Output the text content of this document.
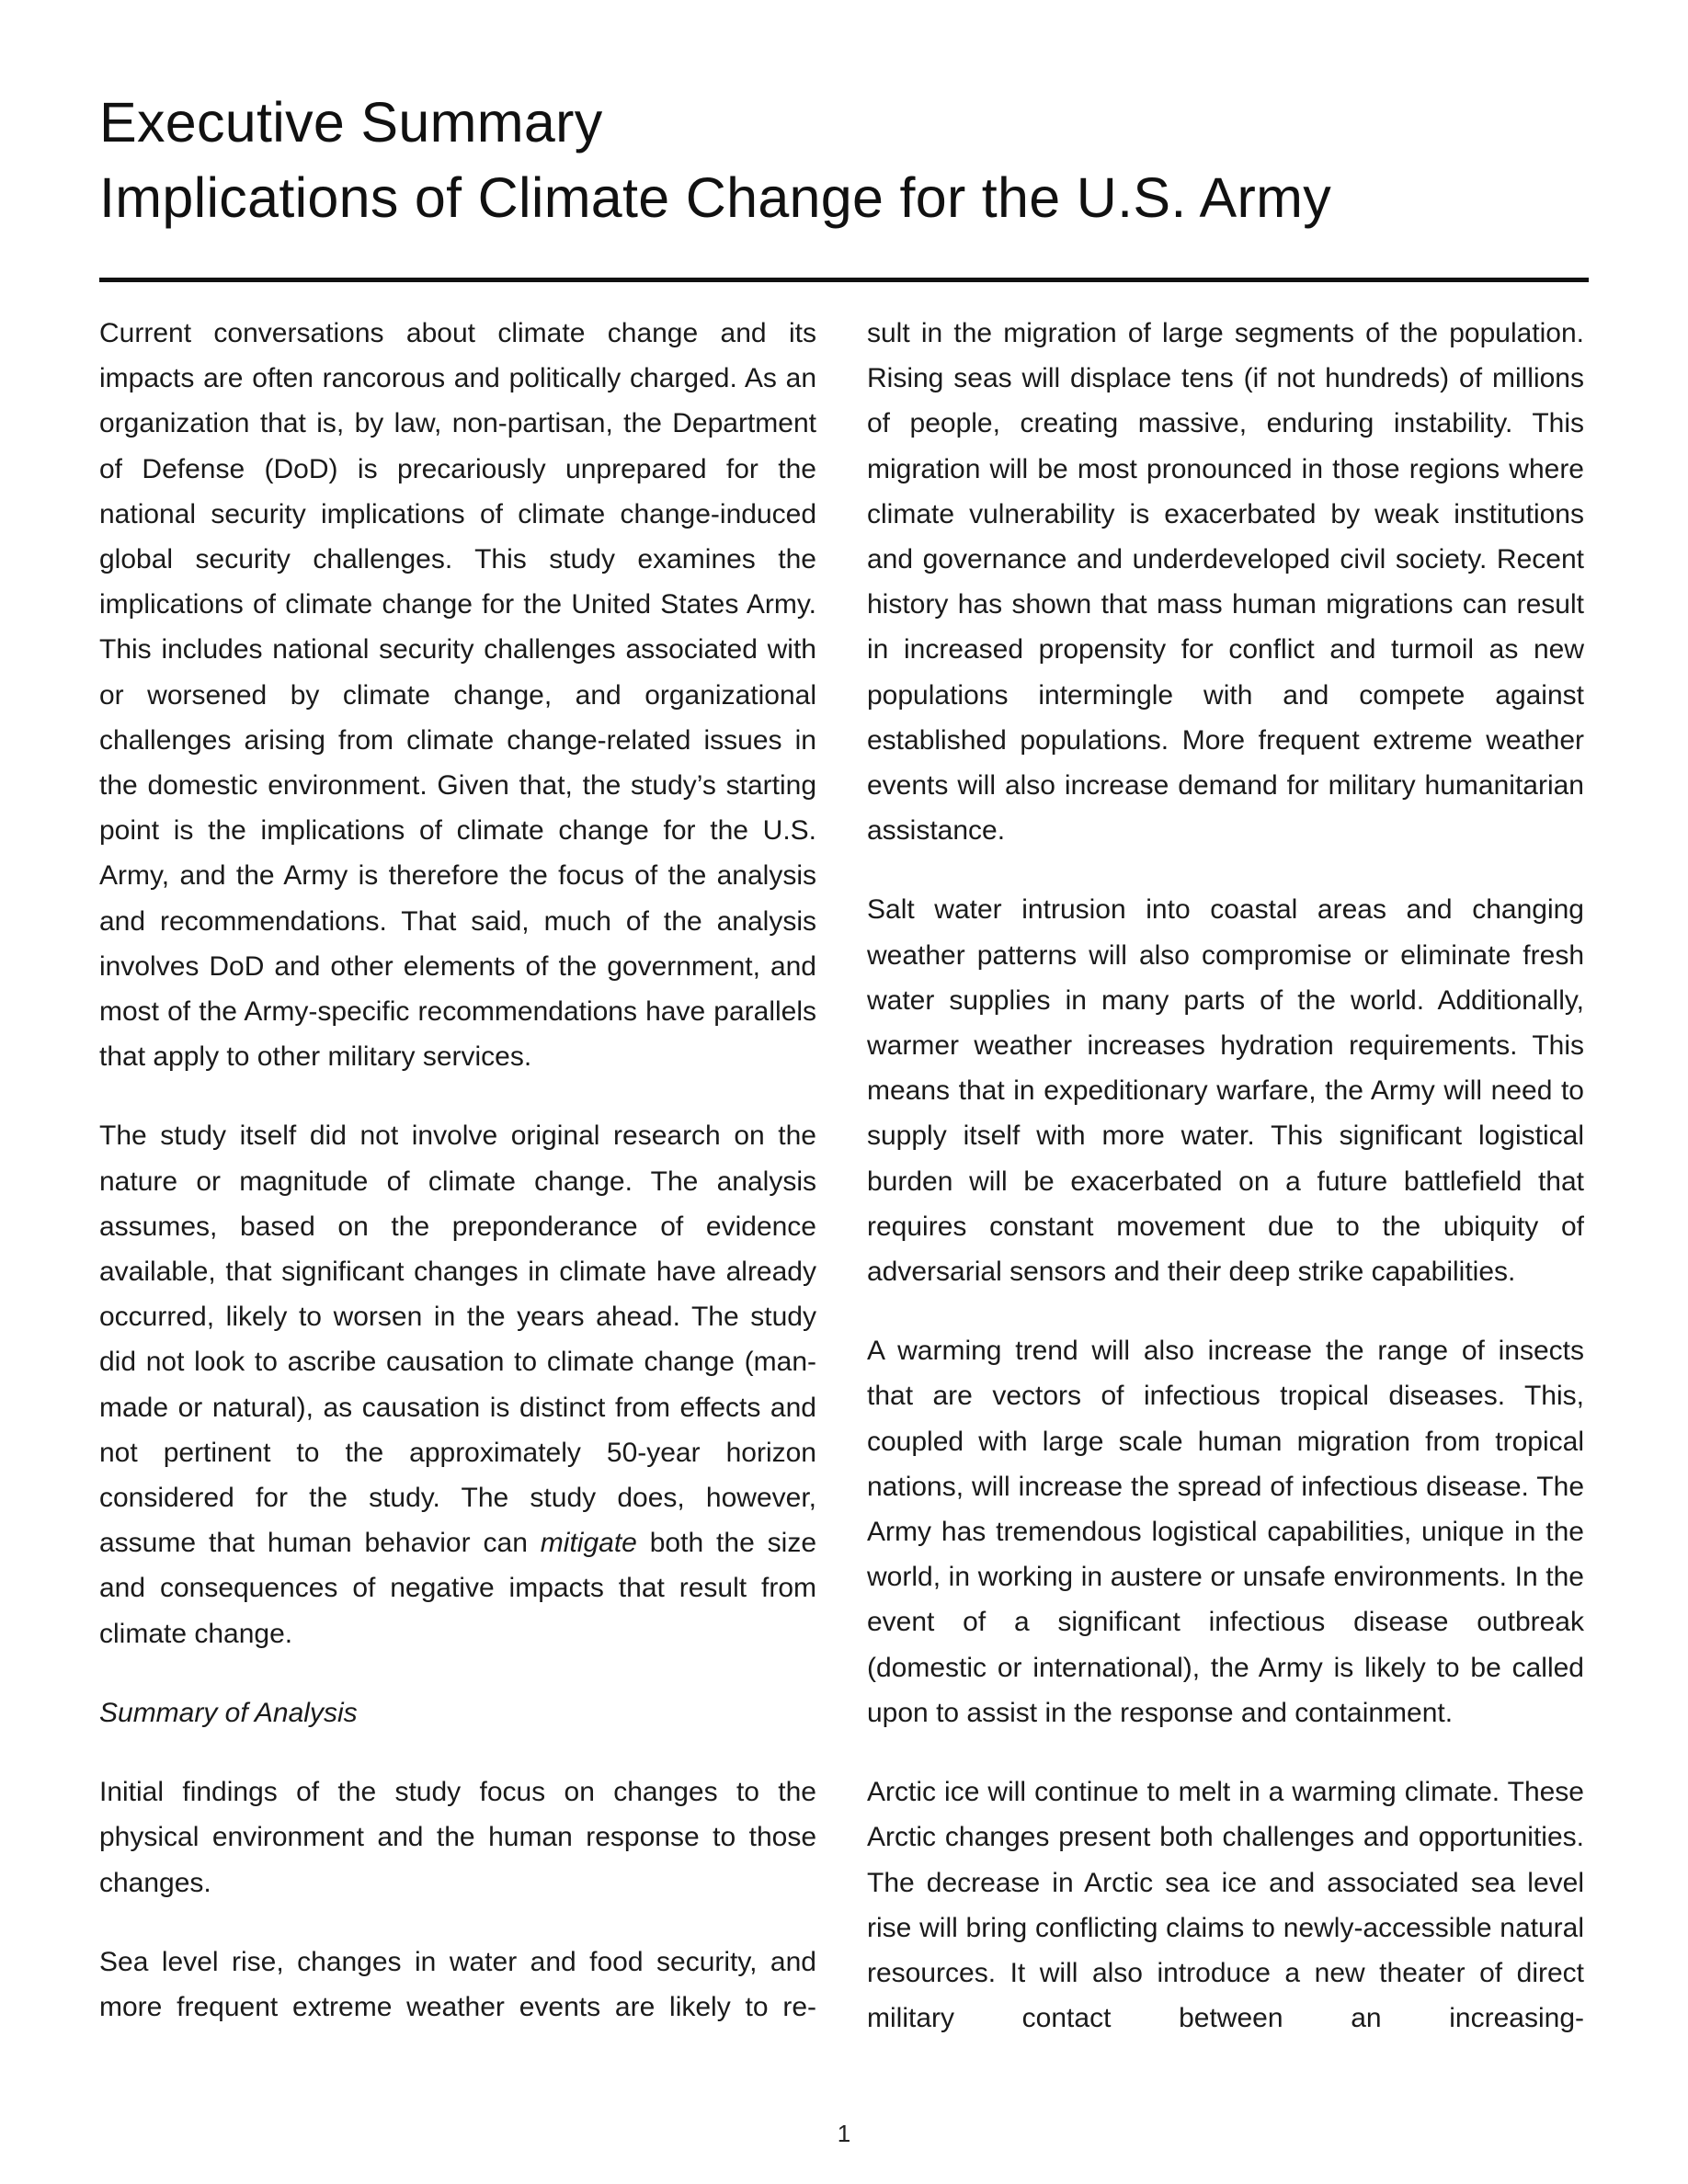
Executive Summary
Implications of Climate Change for the U.S. Army

Current conversations about climate change and its impacts are often rancorous and politically charged. As an organization that is, by law, non-partisan, the Department of Defense (DoD) is precariously unprepared for the national security implications of climate change-induced global security challenges. This study examines the implications of climate change for the United States Army. This includes national security challenges associated with or worsened by climate change, and organizational challenges arising from climate change-related issues in the domestic environment. Given that, the study’s starting point is the implications of climate change for the U.S. Army, and the Army is therefore the focus of the analysis and recommendations. That said, much of the analysis involves DoD and other elements of the government, and most of the Army-specific recommendations have parallels that apply to other military services.

The study itself did not involve original research on the nature or magnitude of climate change. The analysis assumes, based on the preponderance of evidence available, that significant changes in climate have already occurred, likely to worsen in the years ahead. The study did not look to ascribe causation to climate change (man-made or natural), as causation is distinct from effects and not pertinent to the approximately 50-year horizon considered for the study. The study does, however, assume that human behavior can mitigate both the size and consequences of negative impacts that result from climate change.

Summary of Analysis

Initial findings of the study focus on changes to the physical environment and the human response to those changes.

Sea level rise, changes in water and food security, and more frequent extreme weather events are likely to re-

sult in the migration of large segments of the population. Rising seas will displace tens (if not hundreds) of millions of people, creating massive, enduring instability. This migration will be most pronounced in those regions where climate vulnerability is exacerbated by weak institutions and governance and underdeveloped civil society. Recent history has shown that mass human migrations can result in increased propensity for conflict and turmoil as new populations intermingle with and compete against established populations. More frequent extreme weather events will also increase demand for military humanitarian assistance.

Salt water intrusion into coastal areas and changing weather patterns will also compromise or eliminate fresh water supplies in many parts of the world. Additionally, warmer weather increases hydration requirements. This means that in expeditionary warfare, the Army will need to supply itself with more water. This significant logistical burden will be exacerbated on a future battlefield that requires constant movement due to the ubiquity of adversarial sensors and their deep strike capabilities.

A warming trend will also increase the range of insects that are vectors of infectious tropical diseases. This, coupled with large scale human migration from tropical nations, will increase the spread of infectious disease. The Army has tremendous logistical capabilities, unique in the world, in working in austere or unsafe environments. In the event of a significant infectious disease outbreak (domestic or international), the Army is likely to be called upon to assist in the response and containment.

Arctic ice will continue to melt in a warming climate. These Arctic changes present both challenges and opportunities. The decrease in Arctic sea ice and associated sea level rise will bring conflicting claims to newly-accessible natural resources. It will also introduce a new theater of direct military contact between an increasing-

1
